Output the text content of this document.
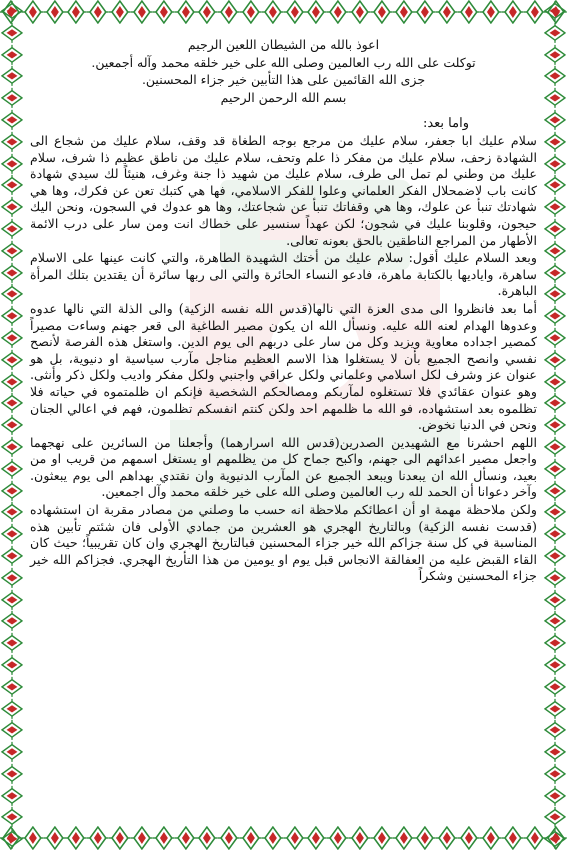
اعوذ بالله من الشيطان اللعين الرجيم
توكلت على الله رب العالمين وصلى الله على خير خلقه محمد وآله أجمعين.
جزى الله القائمين على هذا التأبين خير جزاء المحسنين.
بسم الله الرحمن الرحيم
واما بعد:

سلام عليك ابا جعفر، سلام عليك من مرجع بوجه الطغاة قد وقف، سلام عليك من شجاع الى الشهادة زحف، سلام عليك من مفكر ذا علم وتحف، سلام عليك من ناطق عظيم ذا شرف، سلام عليك من وطني لم تمل الى طرف، سلام عليك من شهيد ذا جنة وغرف، هنيئاً لك سيدي شهادة كانت باب لاضمحلال الفكر العلماني وعلوا للفكر الاسلامي، فها هي كتبك تعن عن فكرك، وها هي شهادتك تنبأ عن علوك، وها هي وقفاتك تنبأ عن شجاعتك، وها هو عدوك في السجون، ونحن اليك حيجون، وقلوبنا عليك في شجون؛ لكن عهداً سنسير على خطاك انت ومن سار على درب الائمة الأطهار من المراجع الناطقين بالحق بعونه تعالى.

وبعد السلام عليك أقول: سلام عليك من أختك الشهيدة الطاهرة، والتي كانت عينها على الاسلام ساهرة، واياديها بالكتابة ماهرة، فادعو النساء الحائرة والتي الى ربها سائرة أن يقتدين بتلك المرأة الباهرة.

أما بعد فانظروا الى مدى العزة التي نالها(قدس الله نفسه الزكية) والى الذلة التي نالها عدوه وعدوها الهدام لعنه الله عليه. ونسأل الله ان يكون مصير الطاغية الى قعر جهنم وساءت مصيراً كمصير اجداده معاوية ويزيد وكل من سار على دربهم الى يوم الدين. واستغل هذه الفرصة لأنصح نفسي وانصح الجميع بأن لا يستغلوا هذا الاسم العظيم مناجل مآرب سياسية او دنيوية، بل هو عنوان عز وشرف لكل اسلامي وعلماني ولكل عراقي واجنبي ولكل مفكر واديب ولكل ذكر وأنثى. وهو عنوان عقائدي فلا تستغلوه لمآربكم ومصالحكم الشخصية فإنكم ان ظلمتموه في حياته فلا تظلموه بعد استشهاده، فو الله ما ظلمهم احد ولكن كنتم انفسكم تظلمون، فهم في اعالي الجنان ونحن في الدنيا نخوض.

اللهم احشرنا مع الشهيدين الصدرين(قدس الله اسرارهما) وأجعلنا من السائرين على نهجهما واجعل مصير اعدائهم الى جهنم، واكبح جماح كل من يظلمهم او يستغل اسمهم من قريب او من بعيد، ونسأل الله ان يبعدنا ويبعد الجميع عن المآرب الدنيوية وان نقتدي بهداهم الى يوم يبعثون. وآخر دعوانا أن الحمد لله رب العالمين وصلى الله على خير خلقه محمد وآل اجمعين.

ولكن ملاحظة مهمة او أن اعطائكم ملاحظة انه حسب ما وصلني من مصادر مقربة ان استشهاده (قدست نفسه الزكية) وبالتاريخ الهجري هو العشرين من جمادي الأولى فان شئتم تأبين هذه المناسبة في كل سنة جزاكم الله خير جزاء المحسنين فبالتاريخ الهجري وان كان تقريبياً؛ حيث كان القاء القبض عليه من العفالقة الانجاس قبل يوم او يومين من هذا التأريخ الهجري. فجزاكم الله خير جزاء المحسنين وشكراً
